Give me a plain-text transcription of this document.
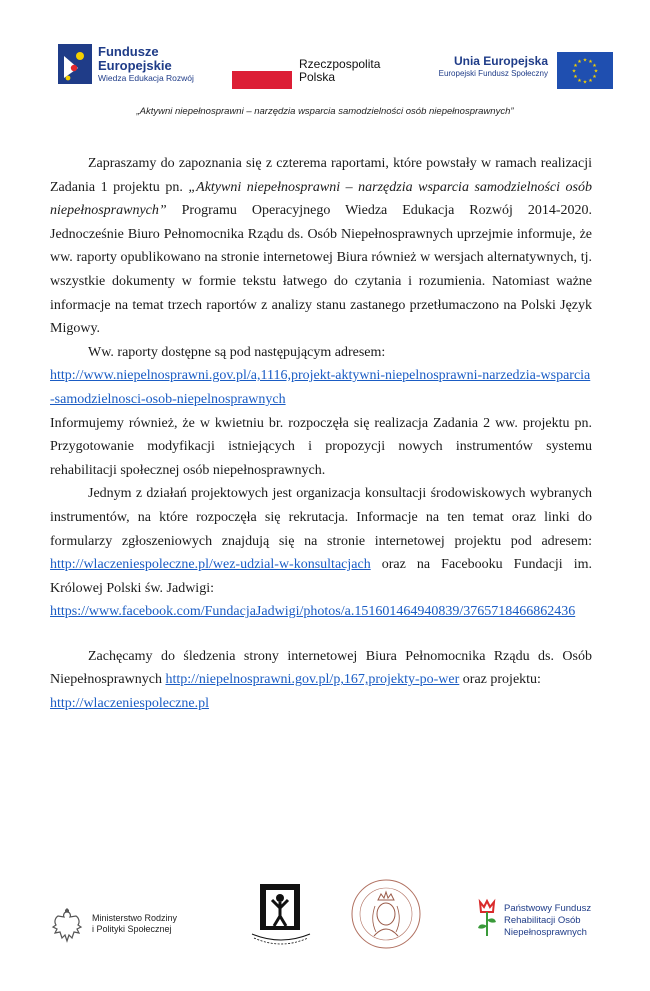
Fundusze
Europejskie
Wiedza Edukacja Rozwój
Rzeczpospolita
Polska
Unia Europejska
Europejski Fundusz Społeczny
★ ★
★
★
★
★
★
★
★
★
★
★
„Aktywni niepełnosprawni – narzędzia wsparcia samodzielności osób niepełnosprawnych”

Zapraszamy do zapoznania się z czterema raportami, które powstały w ramach realizacji Zadania 1 projektu pn. „Aktywni niepełnosprawni – narzędzia wsparcia samodzielności osób niepełnosprawnych” Programu Operacyjnego Wiedza Edukacja Rozwój 2014-2020. Jednocześnie Biuro Pełnomocnika Rządu ds. Osób Niepełnosprawnych uprzejmie informuje, że ww. raporty opublikowano na stronie internetowej Biura również w wersjach alternatywnych, tj. wszystkie dokumenty w formie tekstu łatwego do czytania i rozumienia. Natomiast ważne informacje na temat trzech raportów z analizy stanu zastanego przetłumaczono na Polski Język Migowy.

Ww. raporty dostępne są pod następującym adresem:

http://www.niepelnosprawni.gov.pl/a,1116,projekt-aktywni-niepelnosprawni-narzedzia-wsparcia-samodzielnosci-osob-niepelnosprawnych

Informujemy również, że w kwietniu br. rozpoczęła się realizacja Zadania 2 ww. projektu pn. Przygotowanie modyfikacji istniejących i propozycji nowych instrumentów systemu rehabilitacji społecznej osób niepełnosprawnych.

Jednym z działań projektowych jest organizacja konsultacji środowiskowych wybranych instrumentów, na które rozpoczęła się rekrutacja. Informacje na ten temat oraz linki do formularzy zgłoszeniowych znajdują się na stronie internetowej projektu pod adresem: http://wlaczeniespoleczne.pl/wez-udzial-w-konsultacjach oraz na Facebooku Fundacji im. Królowej Polski św. Jadwigi:

https://www.facebook.com/FundacjaJadwigi/photos/a.151601464940839/3765718466862436

Zachęcamy do śledzenia strony internetowej Biura Pełnomocnika Rządu ds. Osób Niepełnosprawnych http://niepelnosprawni.gov.pl/p,167,projekty-po-wer oraz projektu:

http://wlaczeniespoleczne.pl

Ministerstwo Rodziny
i Polityki Społecznej
Państwowy Fundusz
Rehabilitacji Osób
Niepełnosprawnych
